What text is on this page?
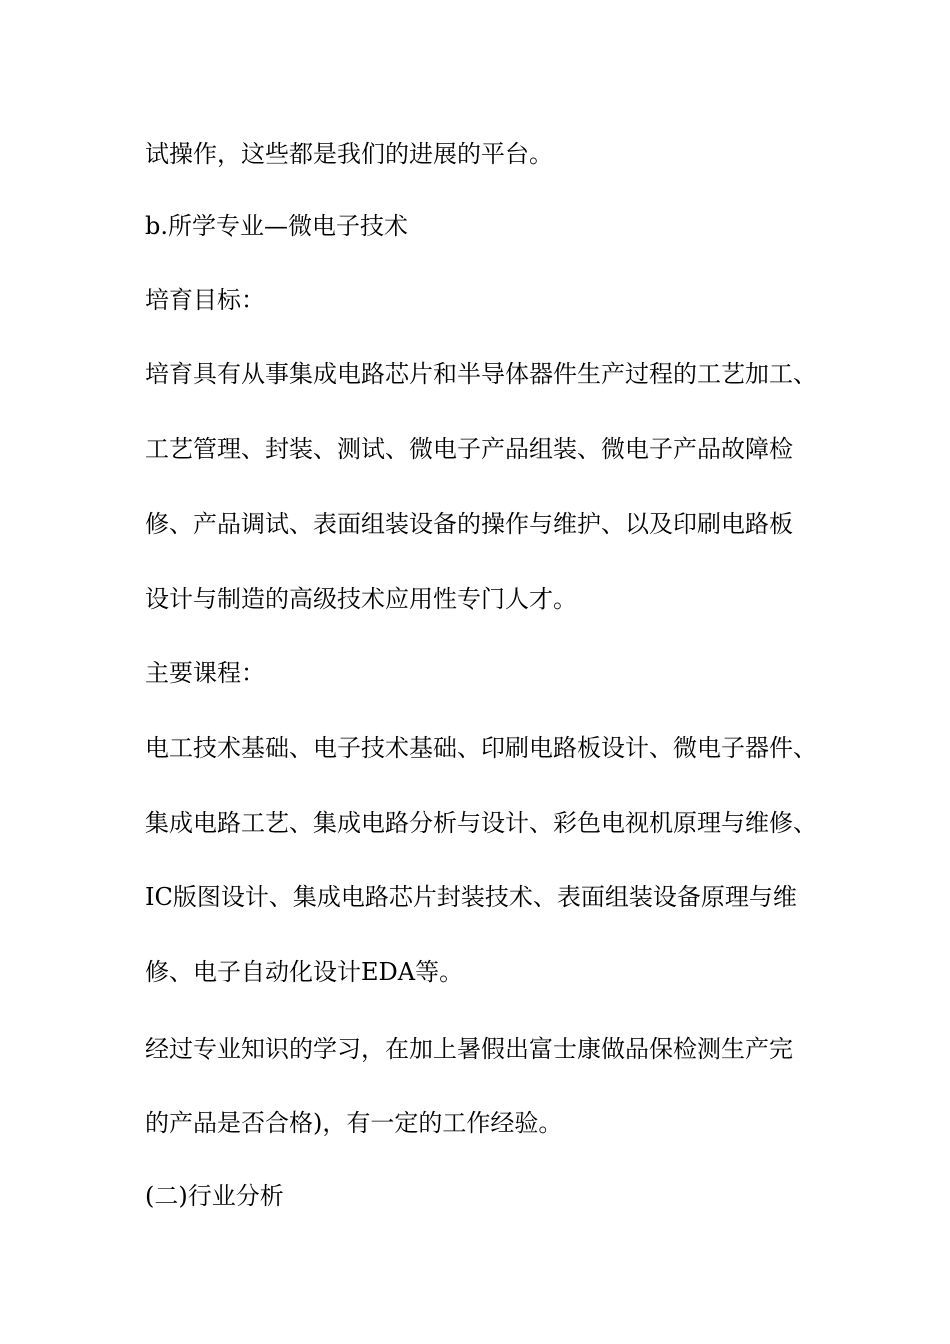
试操作，这些都是我们的进展的平台。

b.所学专业—微电子技术

培育目标：

培育具有从事集成电路芯片和半导体器件生产过程的工艺加工、

工艺管理、封装、测试、微电子产品组装、微电子产品故障检

修、产品调试、表面组装设备的操作与维护、以及印刷电路板

设计与制造的高级技术应用性专门人才。

主要课程：

电工技术基础、电子技术基础、印刷电路板设计、微电子器件、

集成电路工艺、集成电路分析与设计、彩色电视机原理与维修、

IC版图设计、集成电路芯片封装技术、表面组装设备原理与维

修、电子自动化设计EDA等。

经过专业知识的学习，在加上暑假出富士康做品保检测生产完

的产品是否合格)，有一定的工作经验。

(二)行业分析
